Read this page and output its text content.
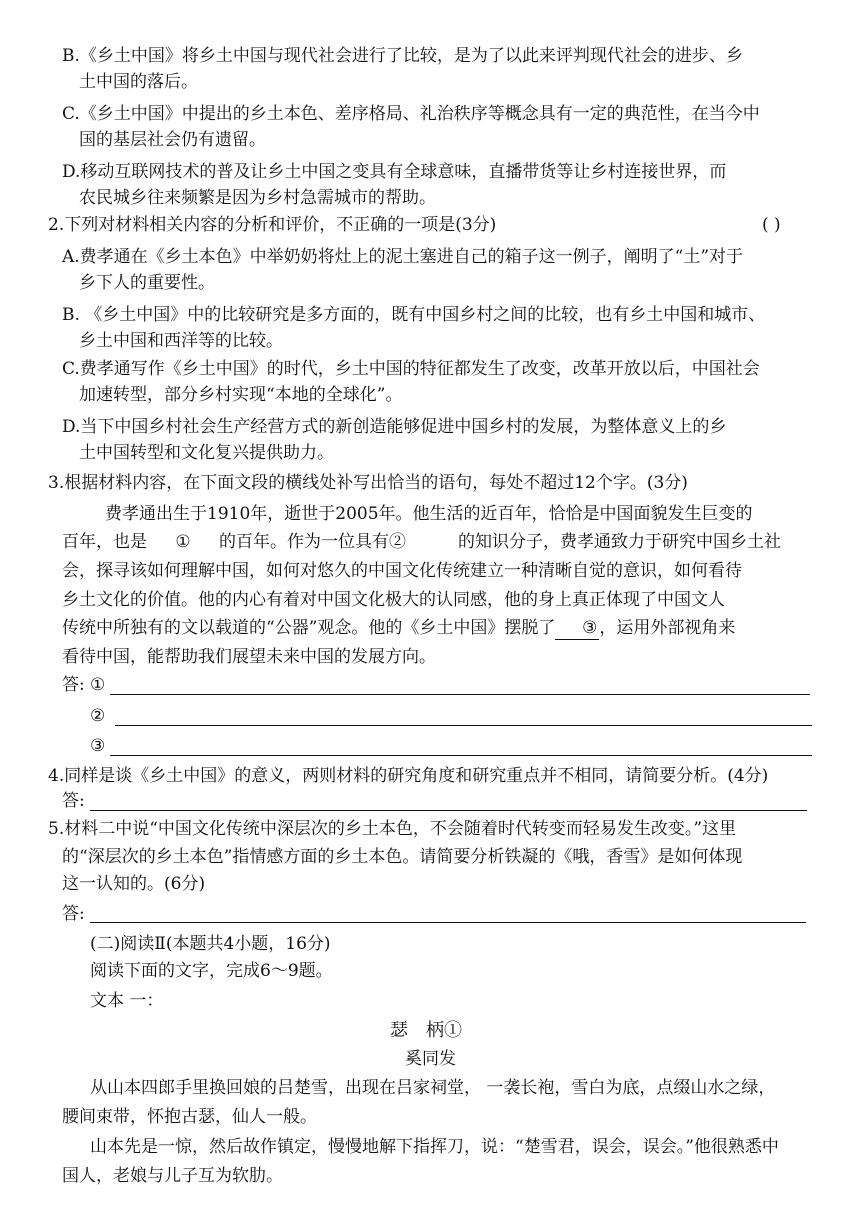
B.《乡土中国》将乡土中国与现代社会进行了比较，是为了以此来评判现代社会的进步、乡
土中国的落后。
C.《乡土中国》中提出的乡土本色、差序格局、礼治秩序等概念具有一定的典范性，在当今中
国的基层社会仍有遗留。
D.移动互联网技术的普及让乡土中国之变具有全球意味，直播带货等让乡村连接世界，而
农民城乡往来频繁是因为乡村急需城市的帮助。
2.下列对材料相关内容的分析和评价，不正确的一项是(3分)	( )
A.费孝通在《乡土本色》中举奶奶将灶上的泥土塞进自己的箱子这一例子，阐明了“土”对于
乡下人的重要性。
B. 《乡土中国》中的比较研究是多方面的，既有中国乡村之间的比较，也有乡土中国和城市、
乡土中国和西洋等的比较。
C.费孝通写作《乡土中国》的时代，乡土中国的特征都发生了改变，改革开放以后，中国社会
加速转型，部分乡村实现“本地的全球化”。
D.当下中国乡村社会生产经营方式的新创造能够促进中国乡村的发展，为整体意义上的乡
土中国转型和文化复兴提供助力。
3.根据材料内容，在下面文段的横线处补写出恰当的语句，每处不超过12个字。(3分)
费孝通出生于1910年，逝世于2005年。他生活的近百年，恰恰是中国面貌发生巨变的
百年，也是 ① 的百年。作为一位具有②	的知识分子，费孝通致力于研究中国乡土社
会，探寻该如何理解中国，如何对悠久的中国文化传统建立一种清晰自觉的意识，如何看待
乡土文化的价值。他的内心有着对中国文化极大的认同感，他的身上真正体现了中国文人
传统中所独有的文以载道的“公器”观念。他的《乡土中国》摆脱了 ③ ，运用外部视角来
看待中国，能帮助我们展望未来中国的发展方向。
答: ①
②
③
4.同样是谈《乡土中国》的意义，两则材料的研究角度和研究重点并不相同，请简要分析。(4分)
答:
5.材料二中说“中国文化传统中深层次的乡土本色，不会随着时代转变而轻易发生改变。”这里
的“深层次的乡土本色”指情感方面的乡土本色。请简要分析铁凝的《哦，香雪》是如何体现
这一认知的。(6分)
答:
(二)阅读Ⅱ(本题共4小题，16分)
阅读下面的文字，完成6～9题。
文本 一：
瑟　柄①
奚同发
从山本四郎手里换回娘的吕楚雪，出现在吕家祠堂， 一袭长袍，雪白为底，点缀山水之绿，
腰间束带，怀抱古瑟，仙人一般。
山本先是一惊，然后故作镇定，慢慢地解下指挥刀，说：“楚雪君，误会，误会。”他很熟悉中
国人，老娘与儿子互为软肋。
